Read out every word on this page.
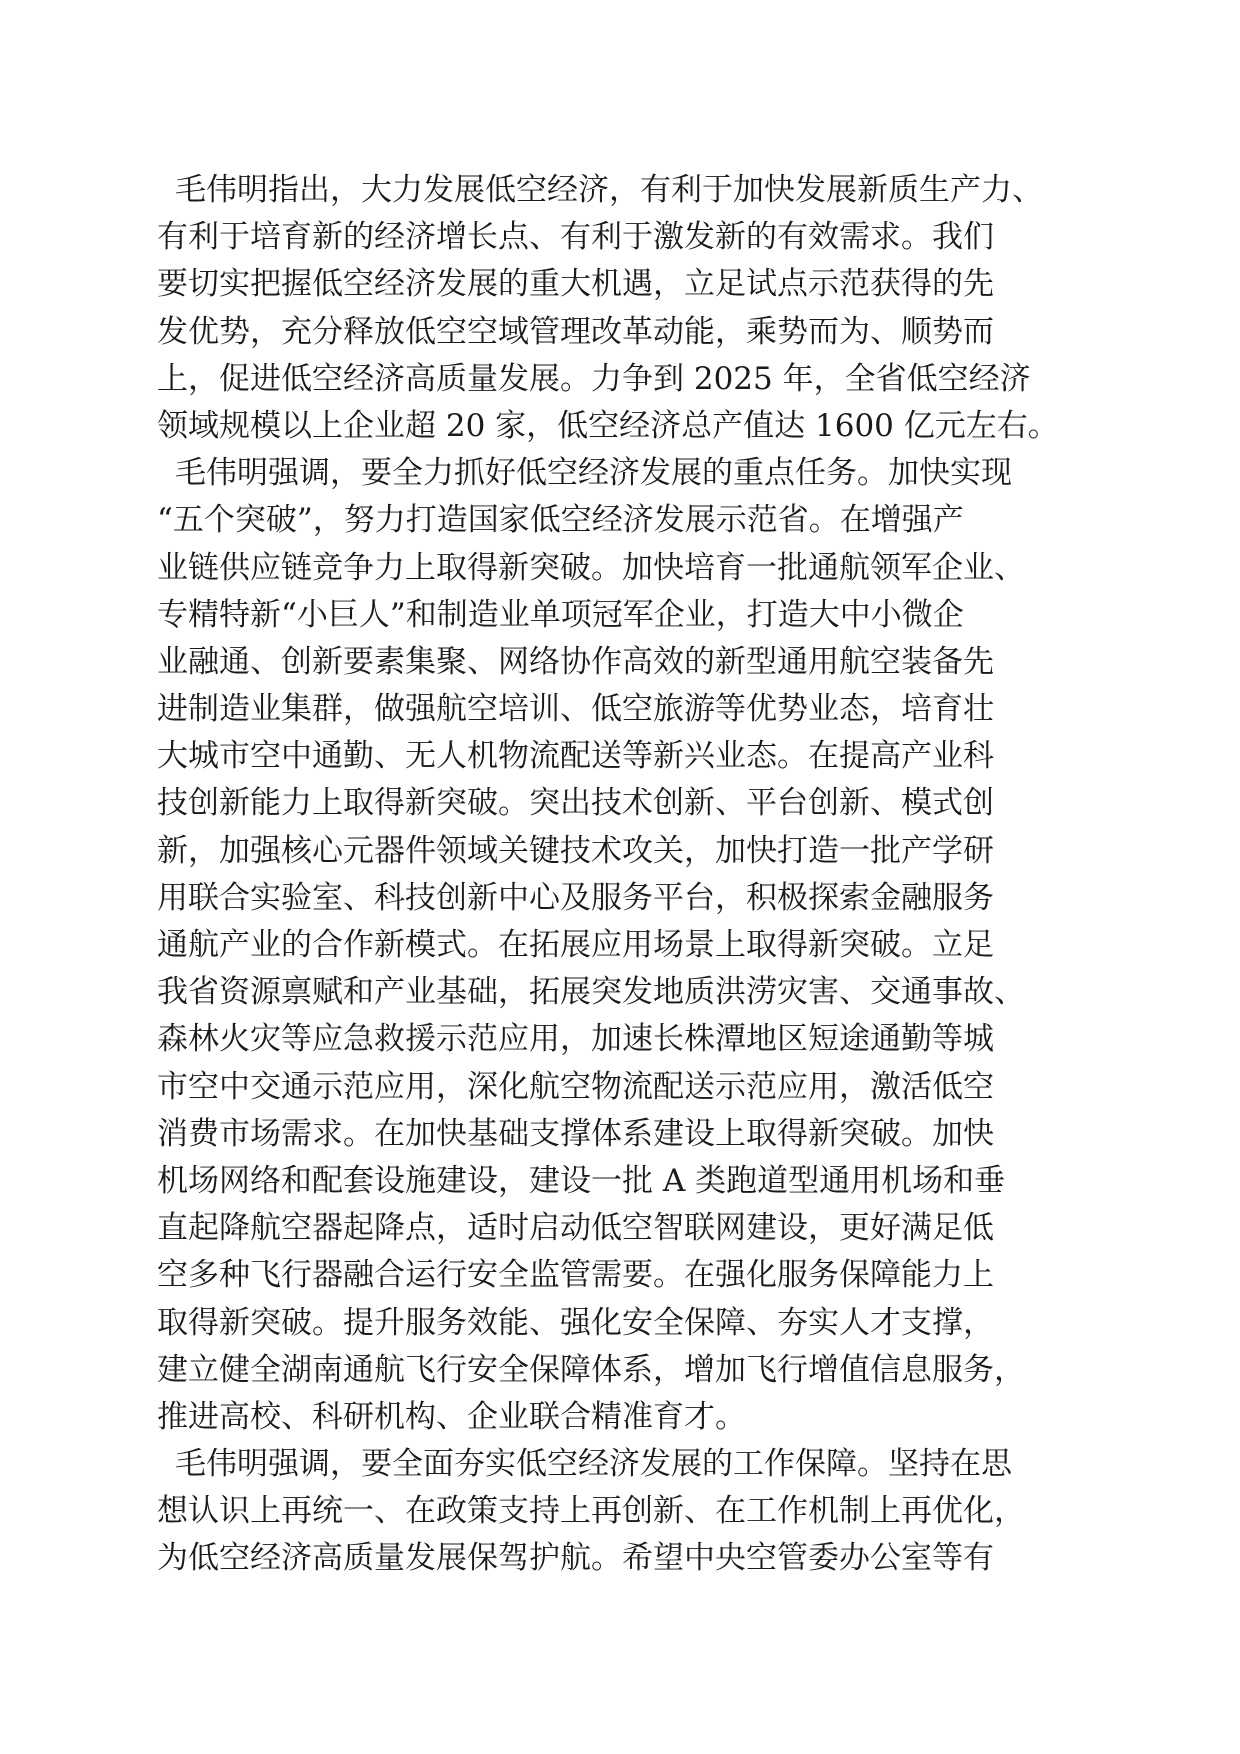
毛伟明指出，大力发展低空经济，有利于加快发展新质生产力、
有利于培育新的经济增长点、有利于激发新的有效需求。我们
要切实把握低空经济发展的重大机遇，立足试点示范获得的先
发优势，充分释放低空空域管理改革动能，乘势而为、顺势而
上，促进低空经济高质量发展。力争到 2025 年，全省低空经济
领域规模以上企业超 20 家，低空经济总产值达 1600 亿元左右。
毛伟明强调，要全力抓好低空经济发展的重点任务。加快实现
“五个突破”，努力打造国家低空经济发展示范省。在增强产
业链供应链竞争力上取得新突破。加快培育一批通航领军企业、
专精特新“小巨人”和制造业单项冠军企业，打造大中小微企
业融通、创新要素集聚、网络协作高效的新型通用航空装备先
进制造业集群，做强航空培训、低空旅游等优势业态，培育壮
大城市空中通勤、无人机物流配送等新兴业态。在提高产业科
技创新能力上取得新突破。突出技术创新、平台创新、模式创
新，加强核心元器件领域关键技术攻关，加快打造一批产学研
用联合实验室、科技创新中心及服务平台，积极探索金融服务
通航产业的合作新模式。在拓展应用场景上取得新突破。立足
我省资源禀赋和产业基础，拓展突发地质洪涝灾害、交通事故、
森林火灾等应急救援示范应用，加速长株潭地区短途通勤等城
市空中交通示范应用，深化航空物流配送示范应用，激活低空
消费市场需求。在加快基础支撑体系建设上取得新突破。加快
机场网络和配套设施建设，建设一批 A 类跑道型通用机场和垂
直起降航空器起降点，适时启动低空智联网建设，更好满足低
空多种飞行器融合运行安全监管需要。在强化服务保障能力上
取得新突破。提升服务效能、强化安全保障、夯实人才支撑，
建立健全湖南通航飞行安全保障体系，增加飞行增值信息服务，
推进高校、科研机构、企业联合精准育才。
毛伟明强调，要全面夯实低空经济发展的工作保障。坚持在思
想认识上再统一、在政策支持上再创新、在工作机制上再优化，
为低空经济高质量发展保驾护航。希望中央空管委办公室等有
